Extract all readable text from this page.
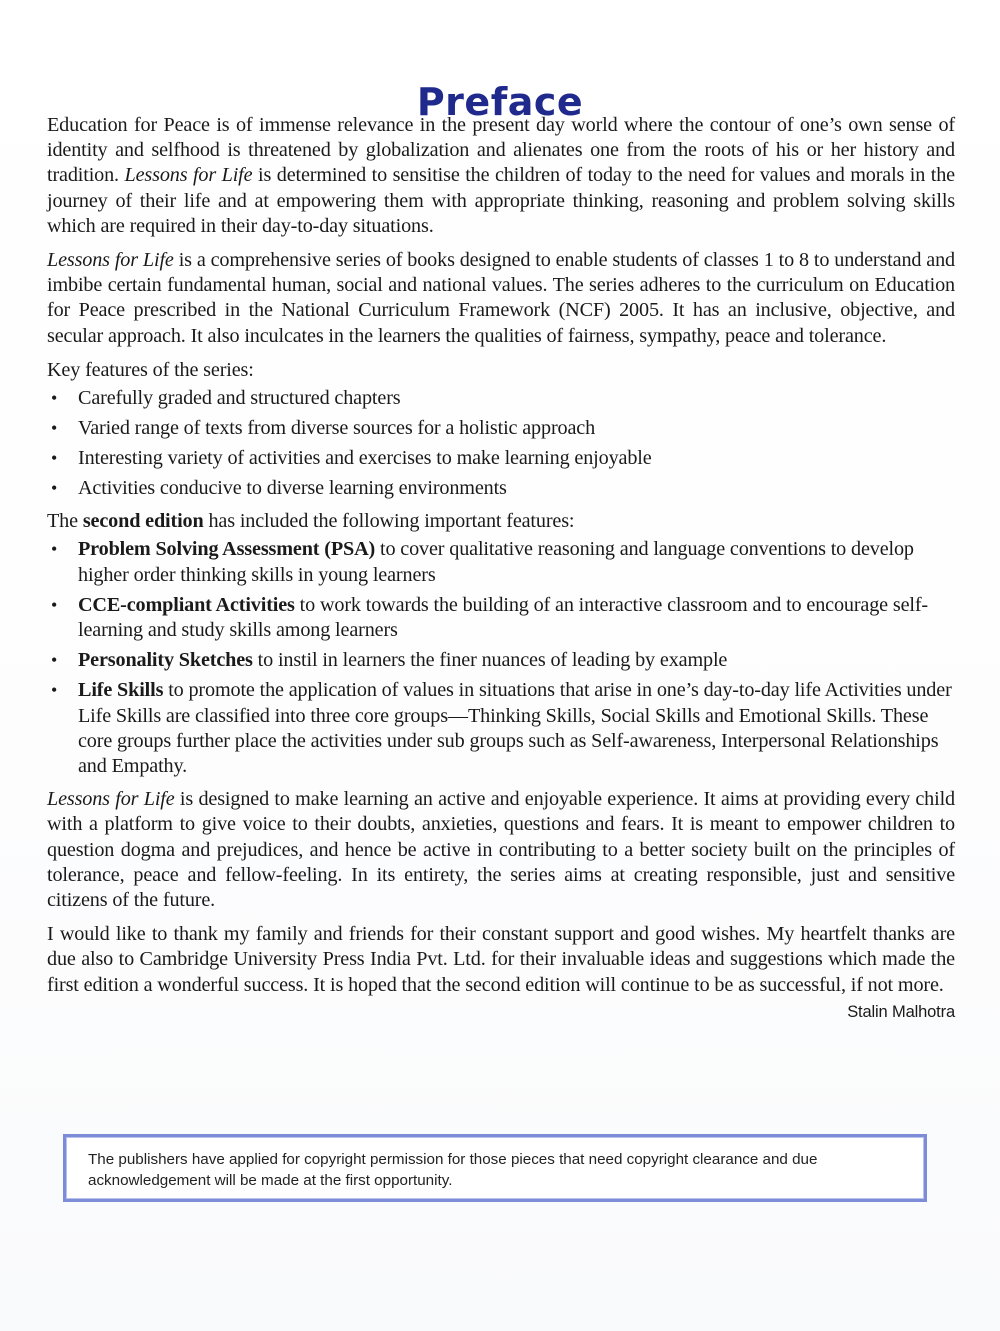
Preface

Education for Peace is of immense relevance in the present day world where the contour of one’s own sense of identity and selfhood is threatened by globalization and alienates one from the roots of his or her history and tradition. Lessons for Life is determined to sensitise the children of today to the need for values and morals in the journey of their life and at empowering them with appropriate thinking, reasoning and problem solving skills which are required in their day-to-day situations.

Lessons for Life is a comprehensive series of books designed to enable students of classes 1 to 8 to understand and imbibe certain fundamental human, social and national values. The series adheres to the curriculum on Education for Peace prescribed in the National Curriculum Framework (NCF) 2005. It has an inclusive, objective, and secular approach. It also inculcates in the learners the qualities of fairness, sympathy, peace and tolerance.

Key features of the series:
• Carefully graded and structured chapters
• Varied range of texts from diverse sources for a holistic approach
• Interesting variety of activities and exercises to make learning enjoyable
• Activities conducive to diverse learning environments
The second edition has included the following important features:
• Problem Solving Assessment (PSA) to cover qualitative reasoning and language conventions to develop higher order thinking skills in young learners
• CCE-compliant Activities to work towards the building of an interactive classroom and to encourage self-learning and study skills among learners
• Personality Sketches to instil in learners the finer nuances of leading by example
• Life Skills to promote the application of values in situations that arise in one’s day-to-day life Activities under Life Skills are classified into three core groups—Thinking Skills, Social Skills and Emotional Skills. These core groups further place the activities under sub groups such as Self-awareness, Interpersonal Relationships and Empathy.

Lessons for Life is designed to make learning an active and enjoyable experience. It aims at providing every child with a platform to give voice to their doubts, anxieties, questions and fears. It is meant to empower children to question dogma and prejudices, and hence be active in contributing to a better society built on the principles of tolerance, peace and fellow-feeling. In its entirety, the series aims at creating responsible, just and sensitive citizens of the future.

I would like to thank my family and friends for their constant support and good wishes. My heartfelt thanks are due also to Cambridge University Press India Pvt. Ltd. for their invaluable ideas and suggestions which made the first edition a wonderful success. It is hoped that the second edition will continue to be as successful, if not more.

Stalin Malhotra
The publishers have applied for copyright permission for those pieces that need copyright clearance and due acknowledgement will be made at the first opportunity.
